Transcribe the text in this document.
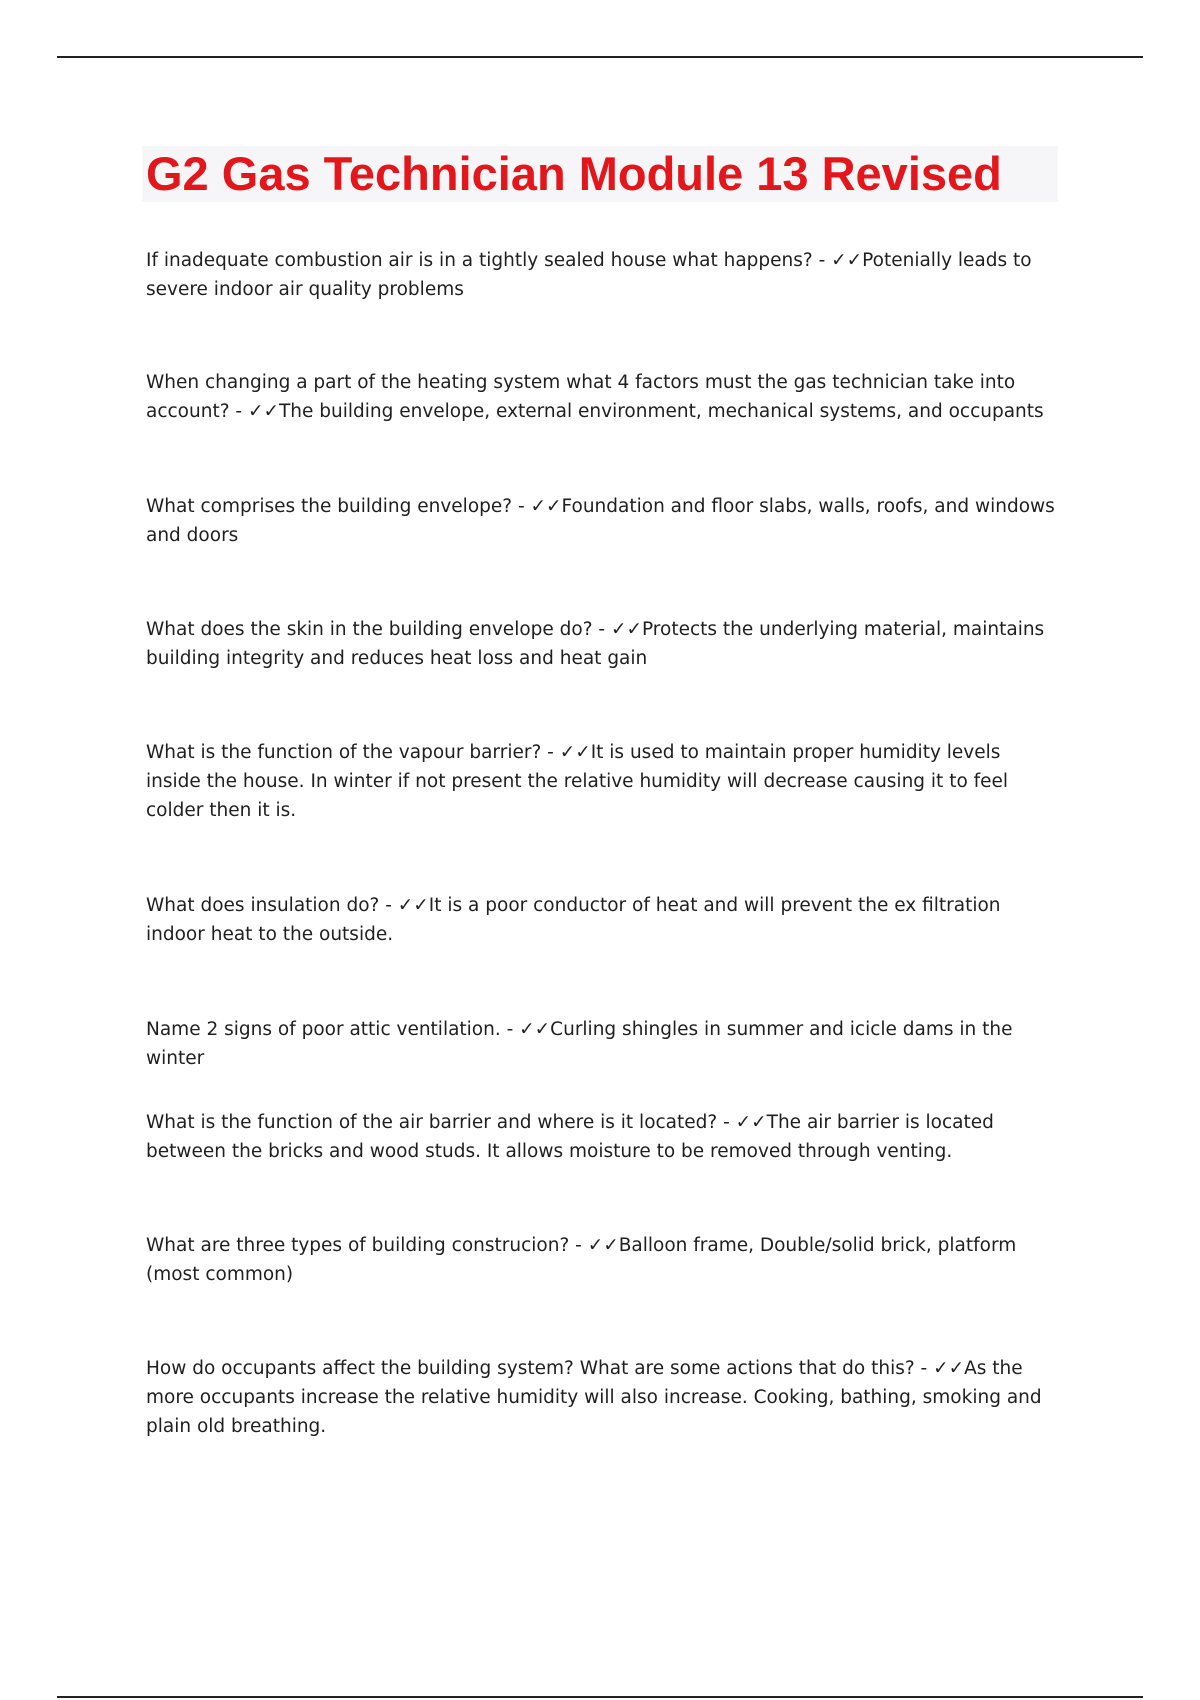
G2 Gas Technician Module 13 Revised

If inadequate combustion air is in a tightly sealed house what happens? - ✓✓Potenially leads to severe indoor air quality problems

When changing a part of the heating system what 4 factors must the gas technician take into account? - ✓✓The building envelope, external environment, mechanical systems, and occupants

What comprises the building envelope? - ✓✓Foundation and floor slabs, walls, roofs, and windows and doors

What does the skin in the building envelope do? - ✓✓Protects the underlying material, maintains building integrity and reduces heat loss and heat gain

What is the function of the vapour barrier? - ✓✓It is used to maintain proper humidity levels inside the house. In winter if not present the relative humidity will decrease causing it to feel colder then it is.

What does insulation do? - ✓✓It is a poor conductor of heat and will prevent the ex filtration indoor heat to the outside.

Name 2 signs of poor attic ventilation. - ✓✓Curling shingles in summer and icicle dams in the winter

What is the function of the air barrier and where is it located? - ✓✓The air barrier is located between the bricks and wood studs. It allows moisture to be removed through venting.

What are three types of building construcion? - ✓✓Balloon frame, Double/solid brick, platform (most common)

How do occupants affect the building system? What are some actions that do this? - ✓✓As the more occupants increase the relative humidity will also increase. Cooking, bathing, smoking and plain old breathing.
